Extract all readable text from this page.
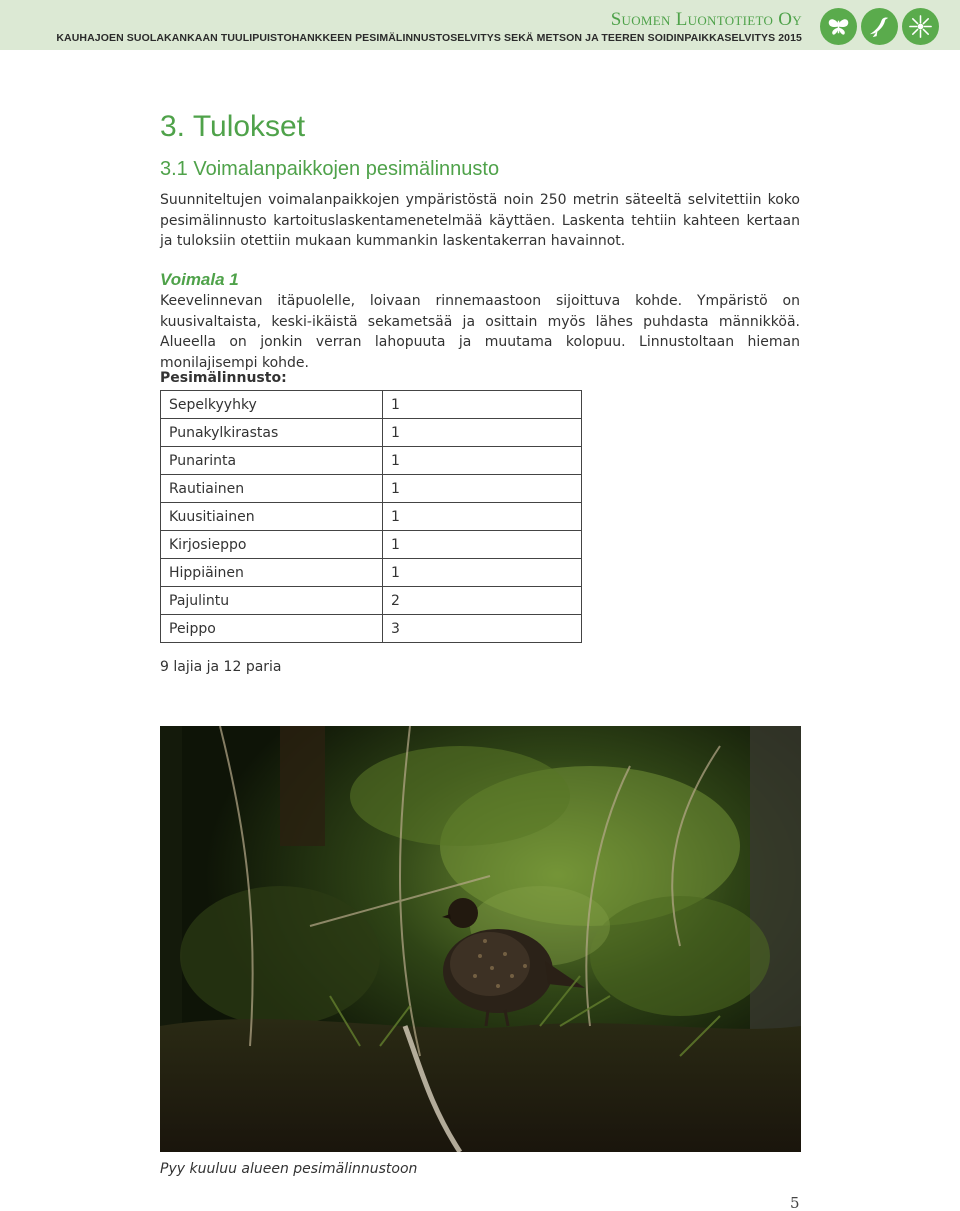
Suomen Luontotieto Oy
KAUHAJOEN SUOLAKANKAAN TUULIPUISTOHANKKEEN PESIMÄLINNUSTOSELVITYS SEKÄ METSON JA TEEREN SOIDINPAIKKASELVITYS 2015
3. Tulokset
3.1 Voimalanpaikkojen pesimälinnusto

Suunniteltujen voimalanpaikkojen ympäristöstä noin 250 metrin säteeltä selvitettiin koko pesimälinnusto kartoituslaskentamenetelmää käyttäen. Laskenta tehtiin kahteen kertaan ja tuloksiin otettiin mukaan kummankin laskentakerran havainnot.

Voimala 1

Keevelinnevan itäpuolelle, loivaan rinnemaastoon sijoittuva kohde. Ympäristö on kuusivaltaista, keski-ikäistä sekametsää ja osittain myös lähes puhdasta männikköä. Alueella on jonkin verran lahopuuta ja muutama kolopuu. Linnustoltaan hieman monilajisempi kohde.

Pesimälinnusto:
Sepelkyyhky	1
Punakylkirastas	1
Punarinta	1
Rautiainen	1
Kuusitiainen	1
Kirjosieppo	1
Hippiäinen	1
Pajulintu	2
Peippo	3
9 lajia ja 12 paria
Pyy kuuluu alueen pesimälinnustoon
5
